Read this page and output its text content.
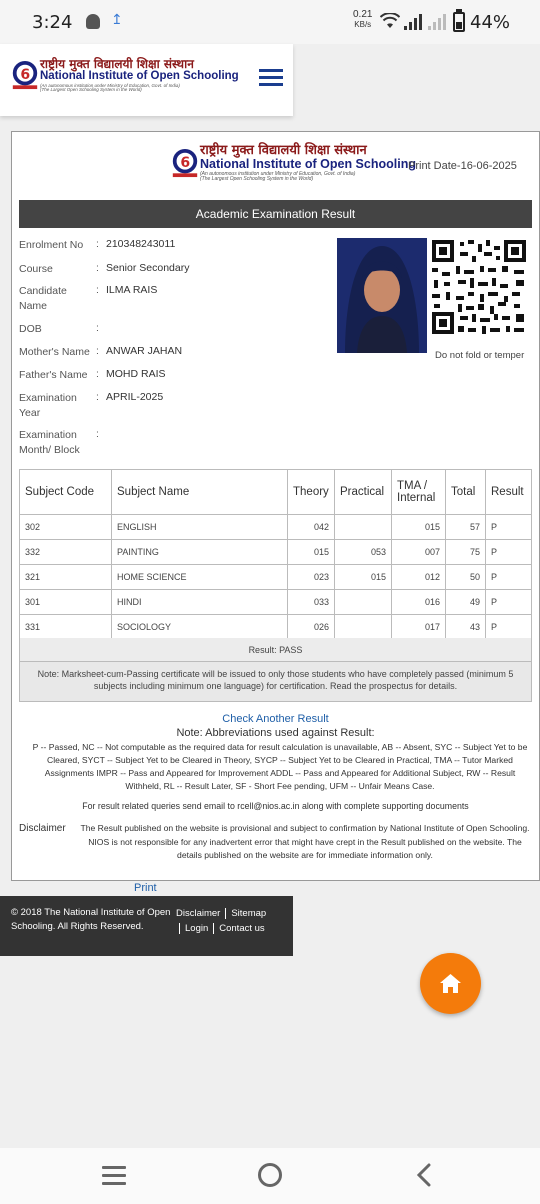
3:24	↥	0.21
KB/s	44%
6
राष्ट्रीय मुक्त विद्यालयी शिक्षा संस्थान
National Institute of Open Schooling
(An autonomous institution under Ministry of Education, Govt. of India)
(The Largest Open Schooling System in the World)
6
राष्ट्रीय मुक्त विद्यालयी शिक्षा संस्थान
National Institute of Open Schooling
(An autonomous institution under Ministry of Education, Govt. of India)
(The Largest Open Schooling System in the World)
Print Date-16-06-2025
Academic Examination Result
Enrolment No	: 210348243011
Course	: Senior Secondary
Candidate Name
: ILMA RAIS
DOB	:
Mother's Name : ANWAR JAHAN
Father's Name : MOHD RAIS
Examination Year
: APRIL-2025
Examination Month/ Block
:
Do not fold or temper
Subject Code	Subject Name	Theory	Practical	TMA / Internal	Total	Result
302	ENGLISH	042		015	57	P
332	PAINTING	015	053	007	75	P
321	HOME SCIENCE	023	015	012	50	P
301	HINDI	033		016	49	P
331	SOCIOLOGY	026		017	43	P
Result: PASS
Note: Marksheet-cum-Passing certificate will be issued to only those students who have completely passed (minimum 5 subjects including minimum one language) for certification. Read the prospectus for details.
Check Another Result
Note: Abbreviations used against Result:
P -- Passed, NC -- Not computable as the required data for result calculation is unavailable, AB -- Absent, SYC -- Subject Yet to be Cleared, SYCT -- Subject Yet to be Cleared in Theory, SYCP -- Subject Yet to be Cleared in Practical, TMA -- Tutor Marked Assignments IMPR -- Pass and Appeared for Improvement ADDL -- Pass and Appeared for Additional Subject, RW -- Result Withheld, RL -- Result Later, SF - Short Fee pending, UFM -- Unfair Means Case.
For result related queries send email to rcell@nios.ac.in along with complete supporting documents
Disclaimer The Result published on the website is provisional and subject to confirmation by National Institute of Open Schooling. NIOS is not responsible for any inadvertent error that might have crept in the Result published on the website. The details published on the website are for immediate information only.
Print
© 2018 The National Institute of Open Schooling. All Rights Reserved.
Disclaimer Sitemap
Login Contact us
